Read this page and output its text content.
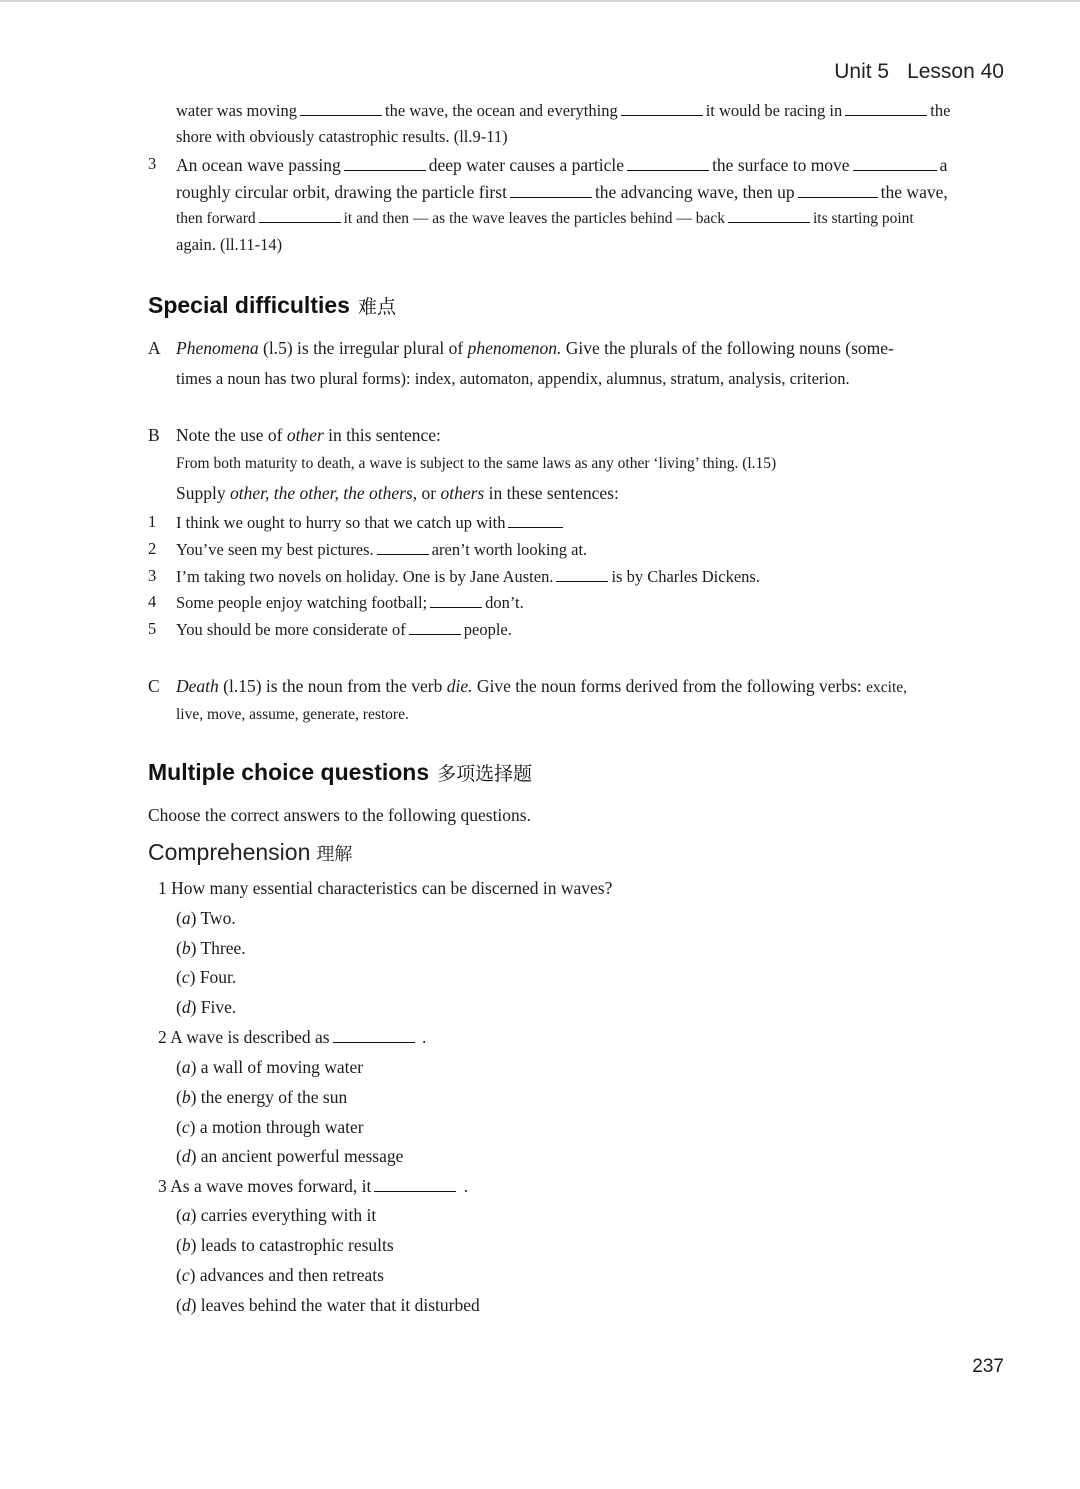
Unit 5 Lesson 40
water was moving	the wave, the ocean and everything	it would be racing in	the
shore with obviously catastrophic results. (ll.9-11)
3 An ocean wave passing	deep water causes a particle	the surface to move	a
roughly circular orbit, drawing the particle first	the advancing wave, then up	the wave,
then forward	it and then — as the wave leaves the particles behind — back	its starting point
again. (ll.11-14)
Special difficulties 难点
A Phenomena (l.5) is the irregular plural of phenomenon. Give the plurals of the following nouns (some-
times a noun has two plural forms): index, automaton, appendix, alumnus, stratum, analysis, criterion.
B Note the use of other in this sentence:
From both maturity to death, a wave is subject to the same laws as any other ‘living’ thing. (l.15)
Supply other, the other, the others, or others in these sentences:
1 I think we ought to hurry so that we catch up with
2 You’ve seen my best pictures.	aren’t worth looking at.
3 I’m taking two novels on holiday. One is by Jane Austen.	is by Charles Dickens.
4 Some people enjoy watching football;	don’t.
5 You should be more considerate of	people.
C Death (l.15) is the noun from the verb die. Give the noun forms derived from the following verbs: excite,
live, move, assume, generate, restore.
Multiple choice questions 多项选择题
Choose the correct answers to the following questions.
Comprehension 理解
1 How many essential characteristics can be discerned in waves?
(a) Two.
(b) Three.
(c) Four.
(d) Five.
2 A wave is described as	.
(a) a wall of moving water
(b) the energy of the sun
(c) a motion through water
(d) an ancient powerful message
3 As a wave moves forward, it	.
(a) carries everything with it
(b) leads to catastrophic results
(c) advances and then retreats
(d) leaves behind the water that it disturbed
237
